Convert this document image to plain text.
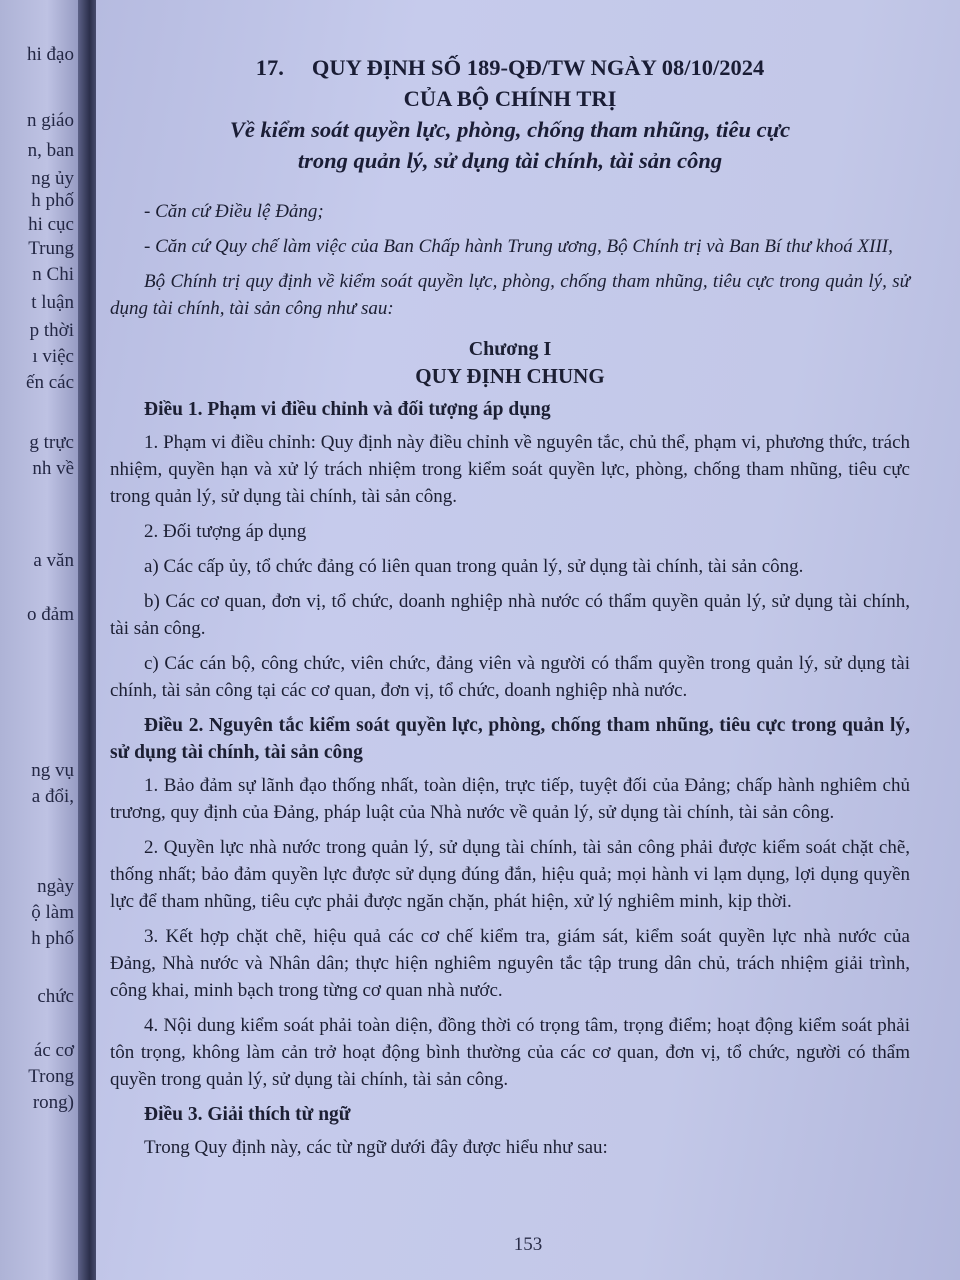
hi đạo
n giáo
n, ban
ng ủy
h phố
hi cục
Trung
n Chi
t luận
p thời
ı việc
ến các
g trực
nh về
a văn
o đảm
ng vụ
a đổi,
ngày
ộ làm
h phố
chức
ác cơ
Trong
rong)
17. QUY ĐỊNH SỐ 189-QĐ/TW NGÀY 08/10/2024
CỦA BỘ CHÍNH TRỊ
Về kiểm soát quyền lực, phòng, chống tham nhũng, tiêu cực
trong quản lý, sử dụng tài chính, tài sản công

- Căn cứ Điều lệ Đảng;

- Căn cứ Quy chế làm việc của Ban Chấp hành Trung ương, Bộ Chính trị và Ban Bí thư khoá XIII,

Bộ Chính trị quy định về kiểm soát quyền lực, phòng, chống tham nhũng, tiêu cực trong quản lý, sử dụng tài chính, tài sản công như sau:

Chương I
QUY ĐỊNH CHUNG
Điều 1. Phạm vi điều chỉnh và đối tượng áp dụng

1. Phạm vi điều chỉnh: Quy định này điều chỉnh về nguyên tắc, chủ thể, phạm vi, phương thức, trách nhiệm, quyền hạn và xử lý trách nhiệm trong kiểm soát quyền lực, phòng, chống tham nhũng, tiêu cực trong quản lý, sử dụng tài chính, tài sản công.

2. Đối tượng áp dụng

a) Các cấp ủy, tổ chức đảng có liên quan trong quản lý, sử dụng tài chính, tài sản công.

b) Các cơ quan, đơn vị, tổ chức, doanh nghiệp nhà nước có thẩm quyền quản lý, sử dụng tài chính, tài sản công.

c) Các cán bộ, công chức, viên chức, đảng viên và người có thẩm quyền trong quản lý, sử dụng tài chính, tài sản công tại các cơ quan, đơn vị, tổ chức, doanh nghiệp nhà nước.

Điều 2. Nguyên tắc kiểm soát quyền lực, phòng, chống tham nhũng, tiêu cực trong quản lý, sử dụng tài chính, tài sản công

1. Bảo đảm sự lãnh đạo thống nhất, toàn diện, trực tiếp, tuyệt đối của Đảng; chấp hành nghiêm chủ trương, quy định của Đảng, pháp luật của Nhà nước về quản lý, sử dụng tài chính, tài sản công.

2. Quyền lực nhà nước trong quản lý, sử dụng tài chính, tài sản công phải được kiểm soát chặt chẽ, thống nhất; bảo đảm quyền lực được sử dụng đúng đắn, hiệu quả; mọi hành vi lạm dụng, lợi dụng quyền lực để tham nhũng, tiêu cực phải được ngăn chặn, phát hiện, xử lý nghiêm minh, kịp thời.

3. Kết hợp chặt chẽ, hiệu quả các cơ chế kiểm tra, giám sát, kiểm soát quyền lực nhà nước của Đảng, Nhà nước và Nhân dân; thực hiện nghiêm nguyên tắc tập trung dân chủ, trách nhiệm giải trình, công khai, minh bạch trong từng cơ quan nhà nước.

4. Nội dung kiểm soát phải toàn diện, đồng thời có trọng tâm, trọng điểm; hoạt động kiểm soát phải tôn trọng, không làm cản trở hoạt động bình thường của các cơ quan, đơn vị, tổ chức, người có thẩm quyền trong quản lý, sử dụng tài chính, tài sản công.

Điều 3. Giải thích từ ngữ

Trong Quy định này, các từ ngữ dưới đây được hiểu như sau:

153
